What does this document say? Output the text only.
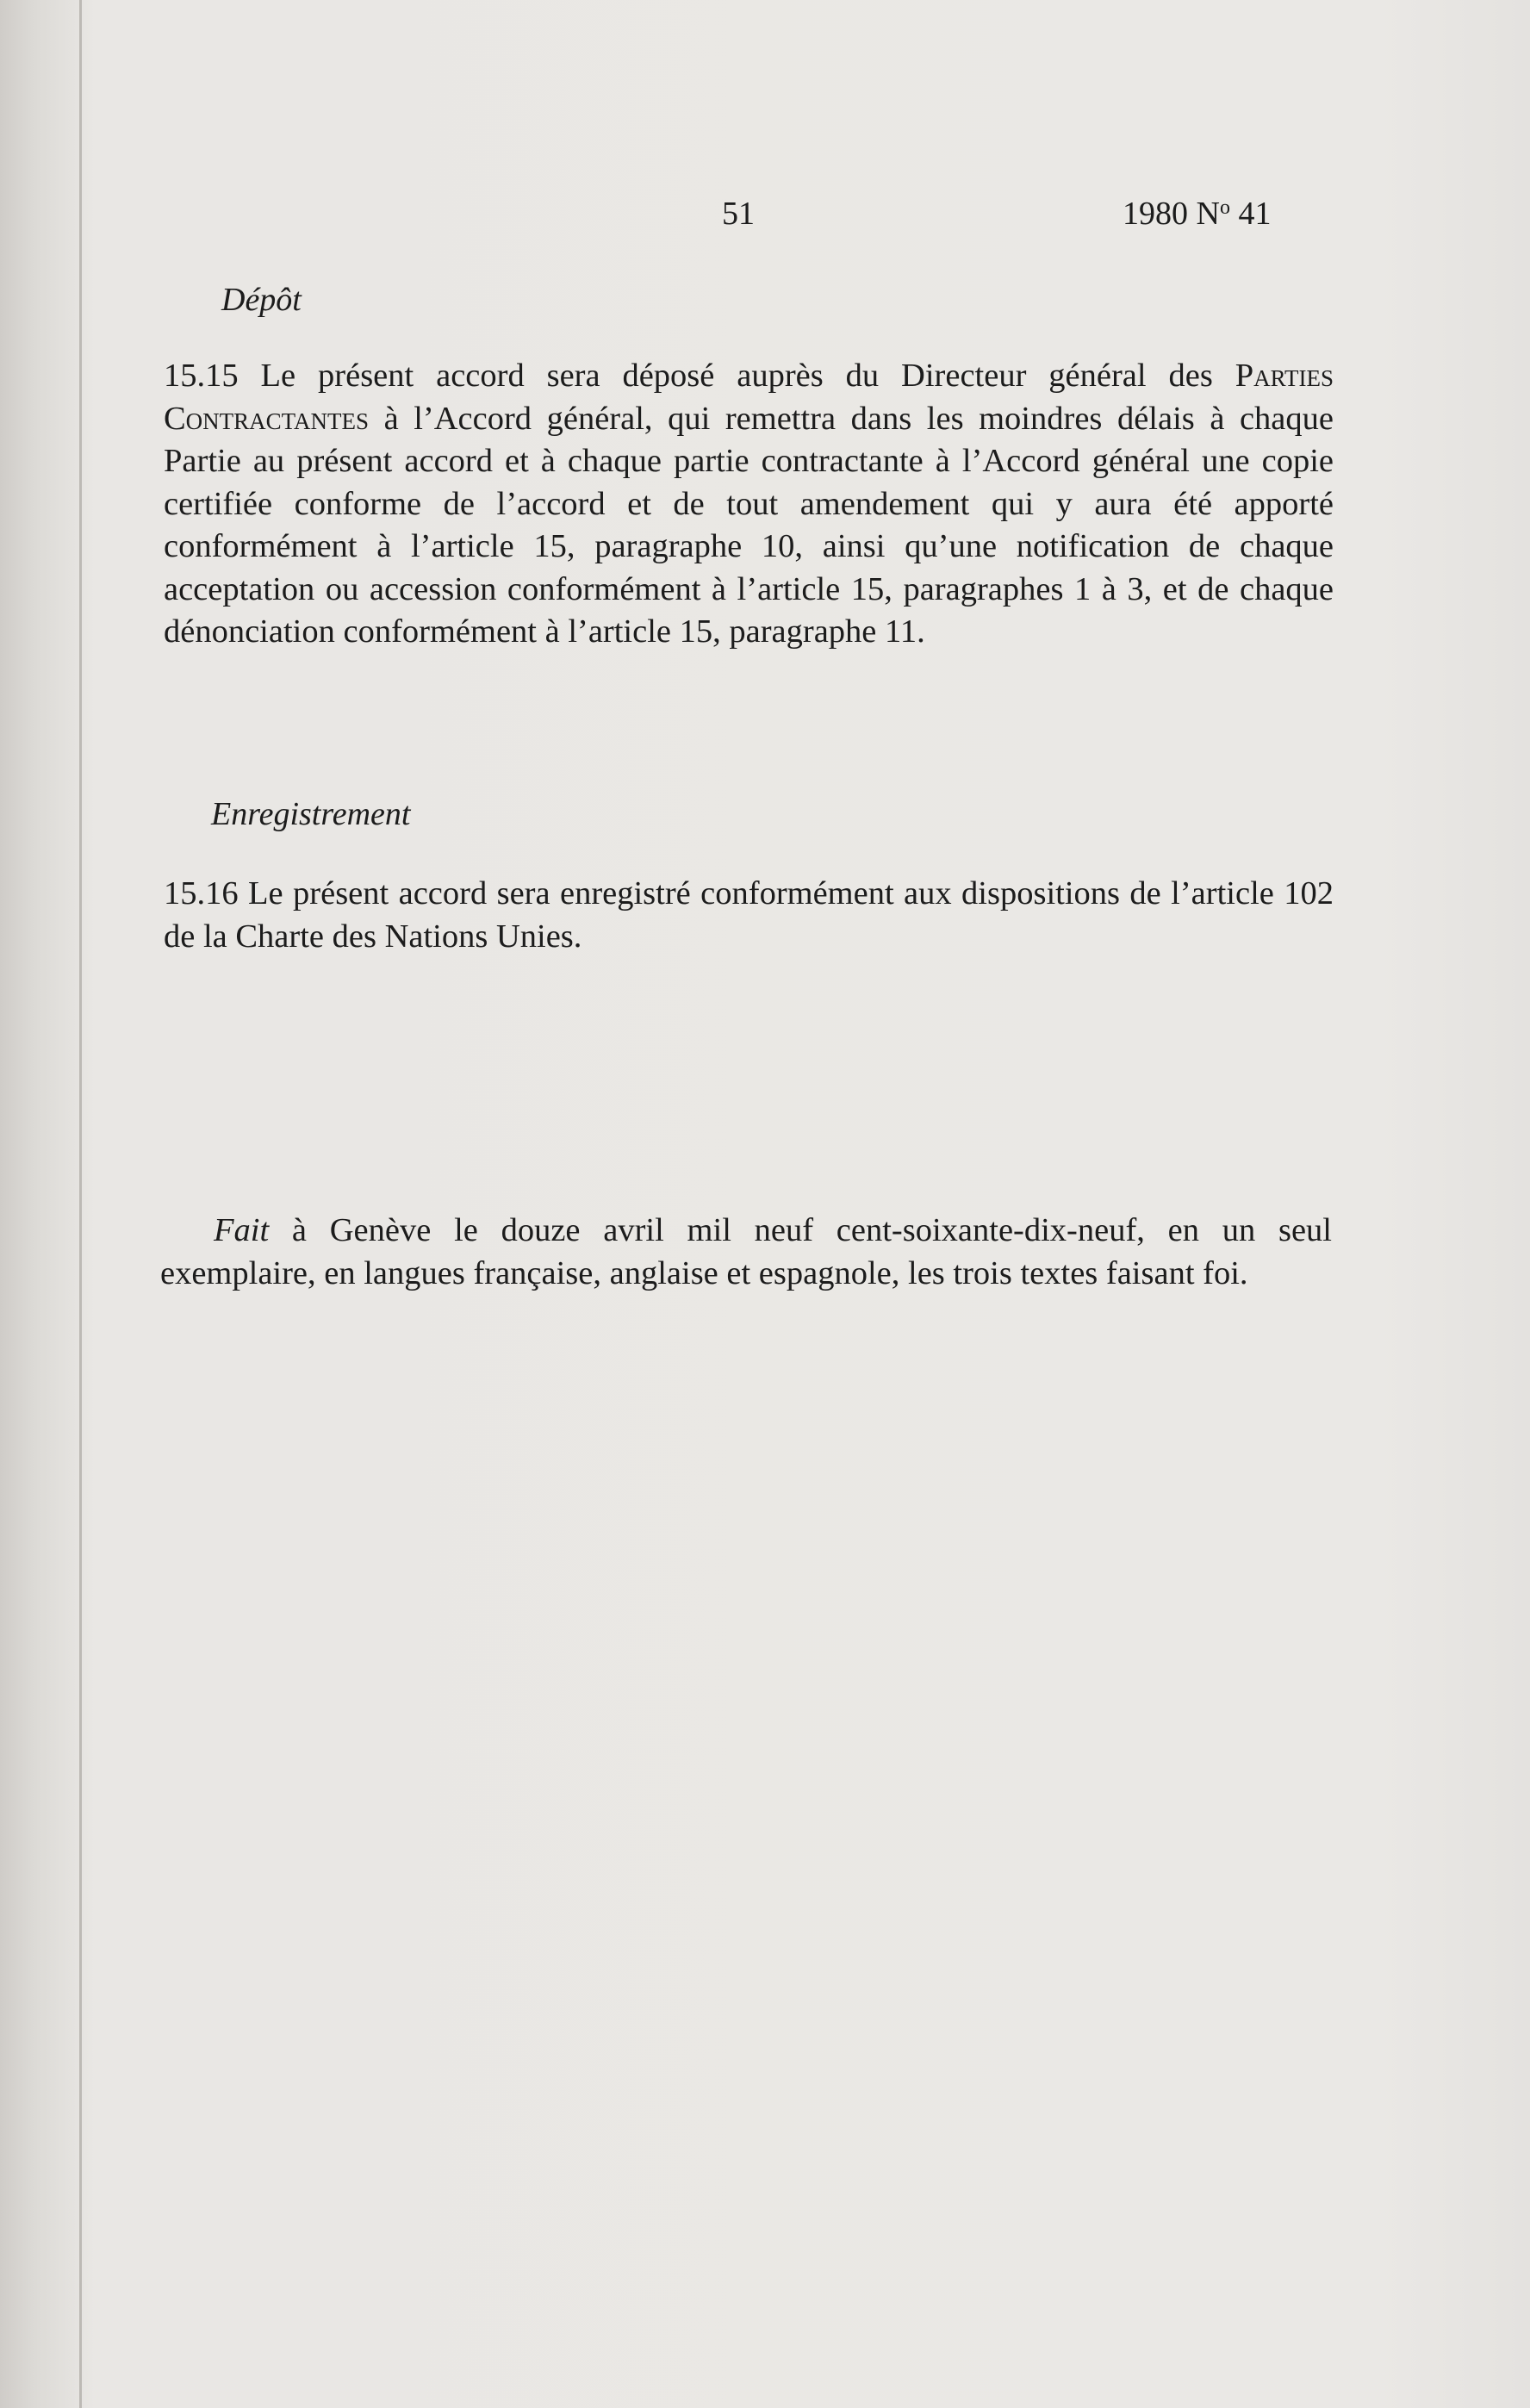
51	1980 $N^o$ 41
Dépôt

15.15 Le présent accord sera déposé auprès du Directeur général des Parties Contractantes à l’Accord général, qui remettra dans les moindres délais à chaque Partie au présent accord et à chaque partie contractante à l’Accord général une copie certifiée conforme de l’accord et de tout amendement qui y aura été apporté conformément à l’article 15, paragraphe 10, ainsi qu’une notification de chaque acceptation ou accession conformément à l’article 15, paragraphes 1 à 3, et de chaque dénonciation conformément à l’article 15, paragraphe 11.

Enregistrement

15.16 Le présent accord sera enregistré conformément aux dispositions de l’article 102 de la Charte des Nations Unies.

Fait à Genève le douze avril mil neuf cent-soixante-dix-neuf, en un seul exemplaire, en langues française, anglaise et espagnole, les trois textes faisant foi.
